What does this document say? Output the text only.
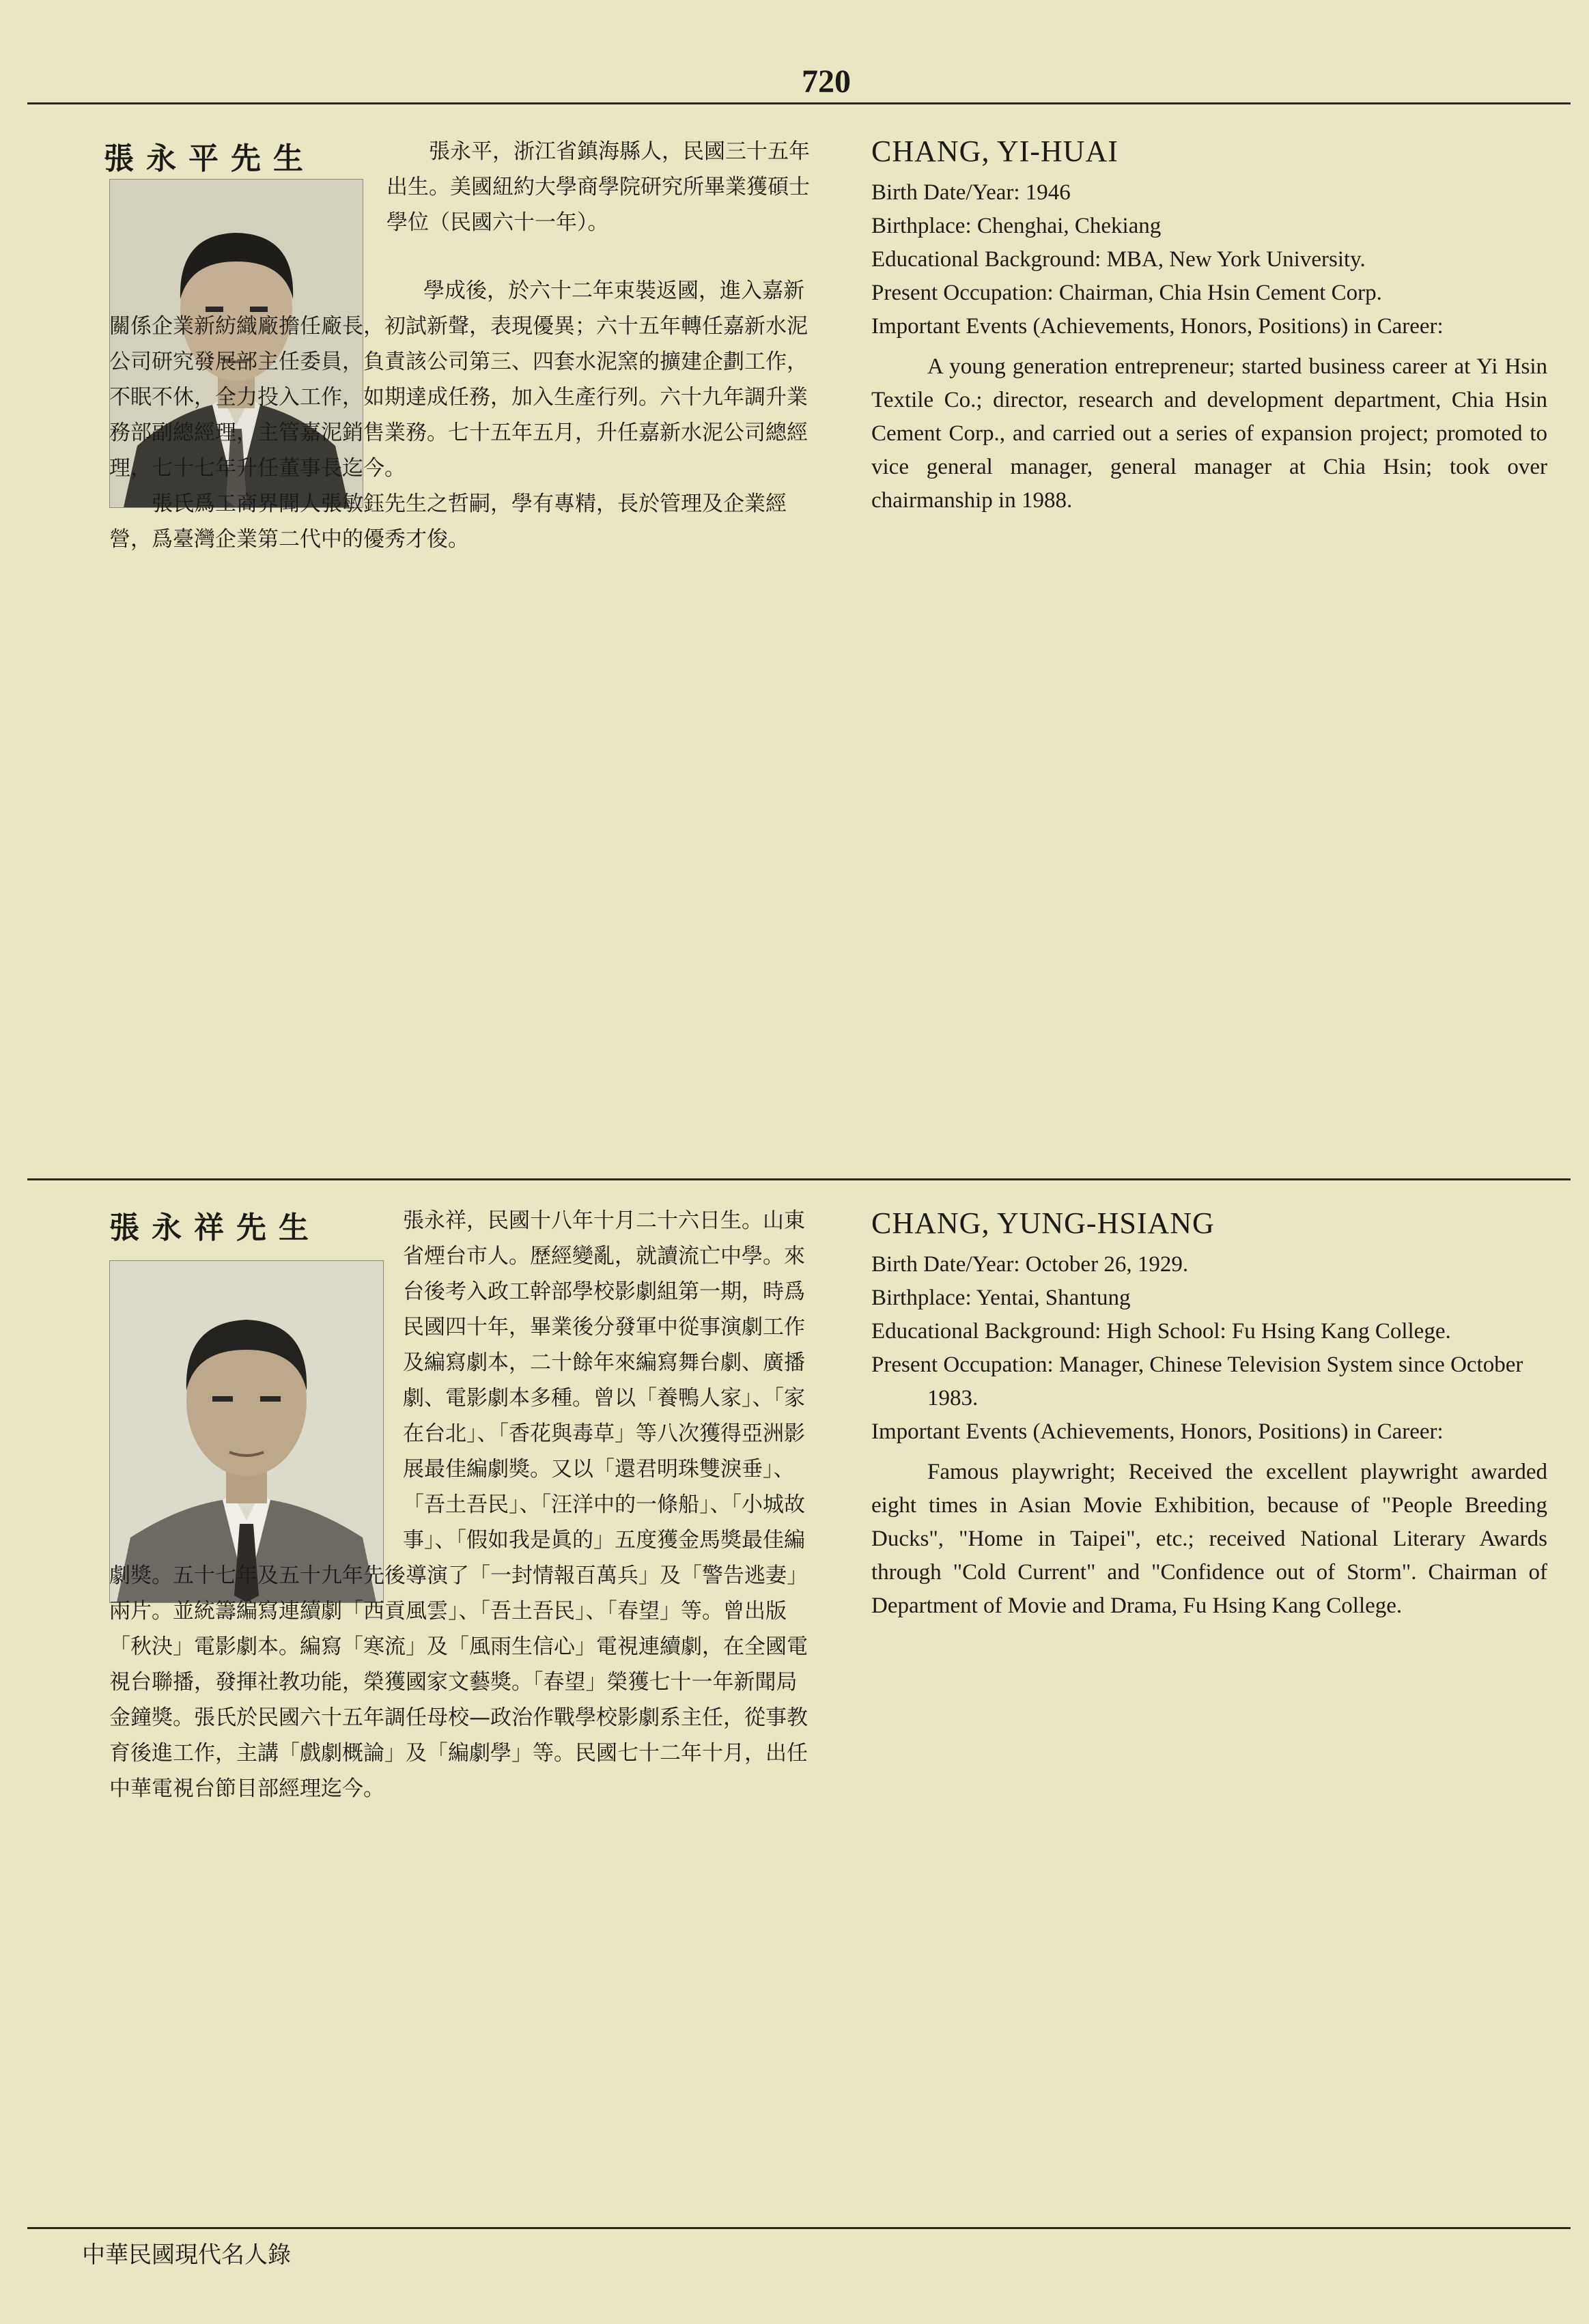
720
張永平先生	張永平，浙江省鎮海縣人，民國三十五年出生。美國紐約大學商學院研究所畢業獲碩士學位（民國六十一年）。

學成後，於六十二年束裝返國，進入嘉新關係企業新紡織廠擔任廠長，初試新聲，表現優異；六十五年轉任嘉新水泥公司研究發展部主任委員，負責該公司第三、四套水泥窯的擴建企劃工作，不眠不休，全力投入工作，如期達成任務，加入生產行列。六十九年調升業務部副總經理，主管嘉泥銷售業務。七十五年五月，升任嘉新水泥公司總經理，七十七年升任董事長迄今。

張氏爲工商界聞人張敏鈺先生之哲嗣，學有專精，長於管理及企業經營，爲臺灣企業第二代中的優秀才俊。

CHANG, YI-HUAI

Birth Date/Year: 1946

Birthplace: Chenghai, Chekiang

Educational Background: MBA, New York University.

Present Occupation: Chairman, Chia Hsin Cement Corp.

Important Events (Achievements, Honors, Positions) in Career:

A young generation entrepreneur; started business career at Yi Hsin Textile Co.; director, research and development department, Chia Hsin Cement Corp., and carried out a series of expansion project; promoted to vice general manager, general manager at Chia Hsin; took over chairmanship in 1988.

張永祥先生	張永祥，民國十八年十月二十六日生。山東省煙台市人。歷經變亂，就讀流亡中學。來台後考入政工幹部學校影劇組第一期，時爲民國四十年，畢業後分發軍中從事演劇工作及編寫劇本，二十餘年來編寫舞台劇、廣播劇、電影劇本多種。曾以「養鴨人家」、「家在台北」、「香花與毒草」等八次獲得亞洲影展最佳編劇獎。又以「還君明珠雙淚垂」、「吾土吾民」、「汪洋中的一條船」、「小城故事」、「假如我是眞的」五度獲金馬獎最佳編劇獎。五十七年及五十九年先後導演了「一封情報百萬兵」及「警告逃妻」兩片。並統籌編寫連續劇「西貢風雲」、「吾土吾民」、「春望」等。曾出版「秋決」電影劇本。編寫「寒流」及「風雨生信心」電視連續劇，在全國電視台聯播，發揮社教功能，榮獲國家文藝獎。「春望」榮獲七十一年新聞局金鐘獎。張氏於民國六十五年調任母校—政治作戰學校影劇系主任，從事教育後進工作，主講「戲劇概論」及「編劇學」等。民國七十二年十月，出任中華電視台節目部經理迄今。

CHANG, YUNG-HSIANG

Birth Date/Year: October 26, 1929.

Birthplace: Yentai, Shantung

Educational Background: High School: Fu Hsing Kang College.

Present Occupation: Manager, Chinese Television System since October 1983.

Important Events (Achievements, Honors, Positions) in Career:

Famous playwright; Received the excellent playwright awarded eight times in Asian Movie Exhibition, because of "People Breeding Ducks", "Home in Taipei", etc.; received National Literary Awards through "Cold Current" and "Confidence out of Storm". Chairman of Department of Movie and Drama, Fu Hsing Kang College.

中華民國現代名人錄
